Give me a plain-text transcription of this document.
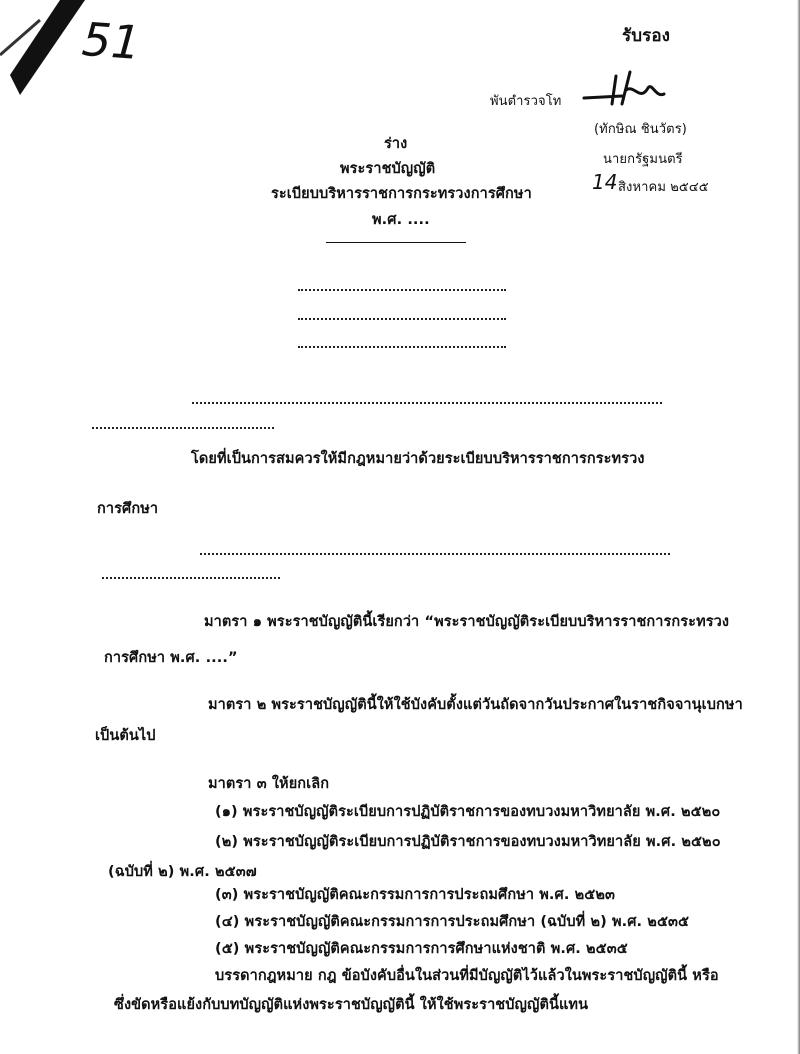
51	รับรอง
พันตำรวจโท
(ทักษิณ ชินวัตร)
นายกรัฐมนตรี
14 สิงหาคม ๒๕๔๕
ร่าง
พระราชบัญญัติ
ระเบียบบริหารราชการกระทรวงการศึกษา
พ.ศ. ....
โดยที่เป็นการสมควรให้มีกฎหมายว่าด้วยระเบียบบริหารราชการกระทรวง
การศึกษา
มาตรา ๑ พระราชบัญญัตินี้เรียกว่า “พระราชบัญญัติระเบียบบริหารราชการกระทรวง
การศึกษา พ.ศ. ....”
มาตรา ๒ พระราชบัญญัตินี้ให้ใช้บังคับตั้งแต่วันถัดจากวันประกาศในราชกิจจานุเบกษา
เป็นต้นไป
มาตรา ๓ ให้ยกเลิก
(๑) พระราชบัญญัติระเบียบการปฏิบัติราชการของทบวงมหาวิทยาลัย พ.ศ. ๒๕๒๐
(๒) พระราชบัญญัติระเบียบการปฏิบัติราชการของทบวงมหาวิทยาลัย พ.ศ. ๒๕๒๐
(ฉบับที่ ๒) พ.ศ. ๒๕๓๗
(๓) พระราชบัญญัติคณะกรรมการการประถมศึกษา พ.ศ. ๒๕๒๓
(๔) พระราชบัญญัติคณะกรรมการการประถมศึกษา (ฉบับที่ ๒) พ.ศ. ๒๕๓๕
(๕) พระราชบัญญัติคณะกรรมการการศึกษาแห่งชาติ พ.ศ. ๒๕๓๕
บรรดากฎหมาย กฎ ข้อบังคับอื่นในส่วนที่มีบัญญัติไว้แล้วในพระราชบัญญัตินี้ หรือ
ซึ่งขัดหรือแย้งกับบทบัญญัติแห่งพระราชบัญญัตินี้ ให้ใช้พระราชบัญญัตินี้แทน
